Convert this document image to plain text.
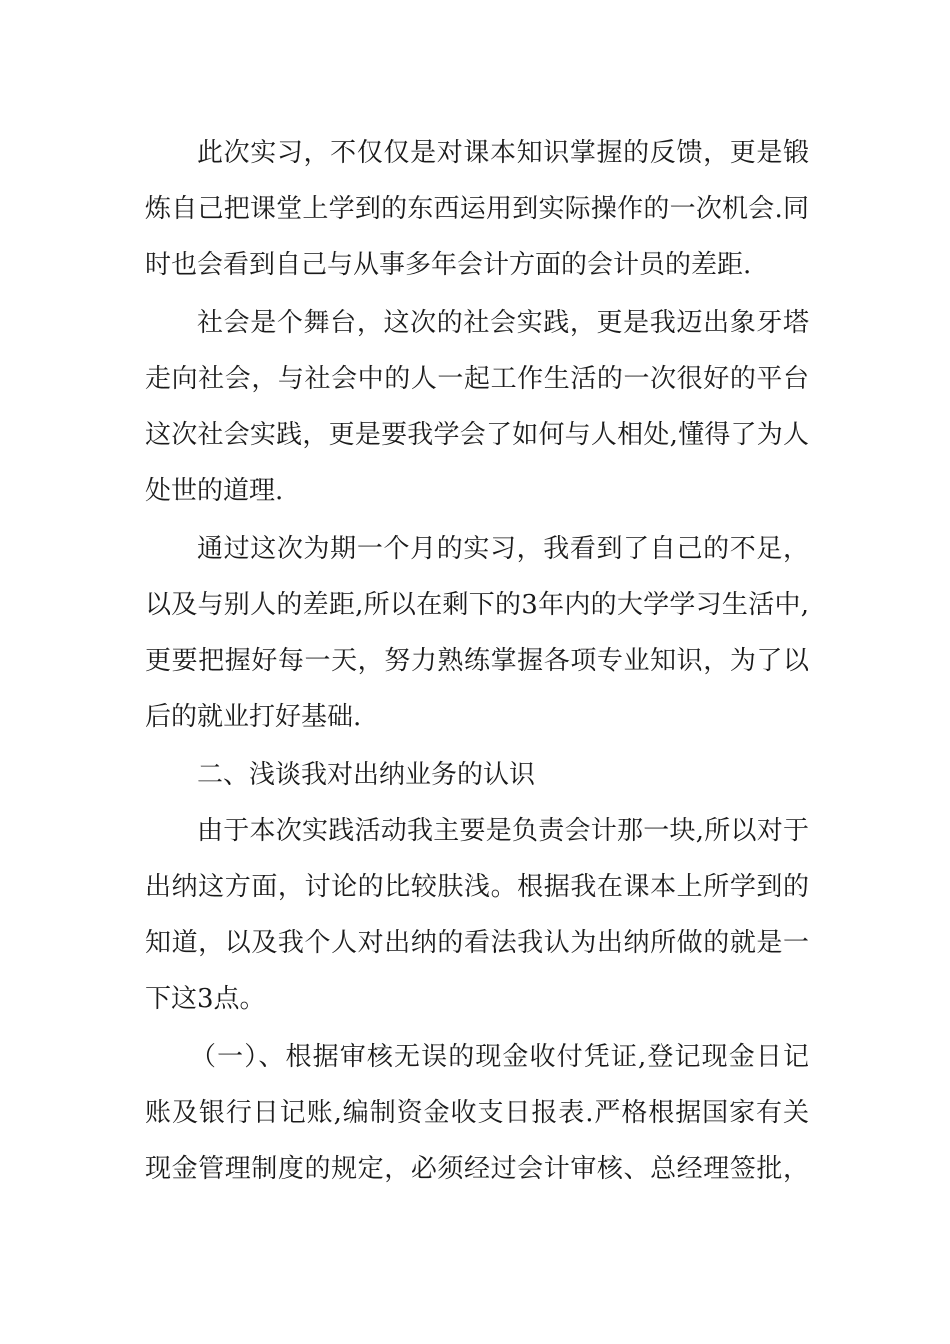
此次实习，不仅仅是对课本知识掌握的反馈，更是锻
炼自己把课堂上学到的东西运用到实际操作的一次机会.同
时也会看到自己与从事多年会计方面的会计员的差距.
社会是个舞台，这次的社会实践，更是我迈出象牙塔
走向社会，与社会中的人一起工作生活的一次很好的平台
这次社会实践，更是要我学会了如何与人相处,懂得了为人
处世的道理.
通过这次为期一个月的实习，我看到了自己的不足，
以及与别人的差距,所以在剩下的3年内的大学学习生活中,
更要把握好每一天，努力熟练掌握各项专业知识，为了以
后的就业打好基础.
二、浅谈我对出纳业务的认识
由于本次实践活动我主要是负责会计那一块,所以对于
出纳这方面，讨论的比较肤浅。根据我在课本上所学到的
知道，以及我个人对出纳的看法我认为出纳所做的就是一
下这3点。
（一）、根据审核无误的现金收付凭证,登记现金日记
账及银行日记账,编制资金收支日报表.严格根据国家有关
现金管理制度的规定，必须经过会计审核、总经理签批，
